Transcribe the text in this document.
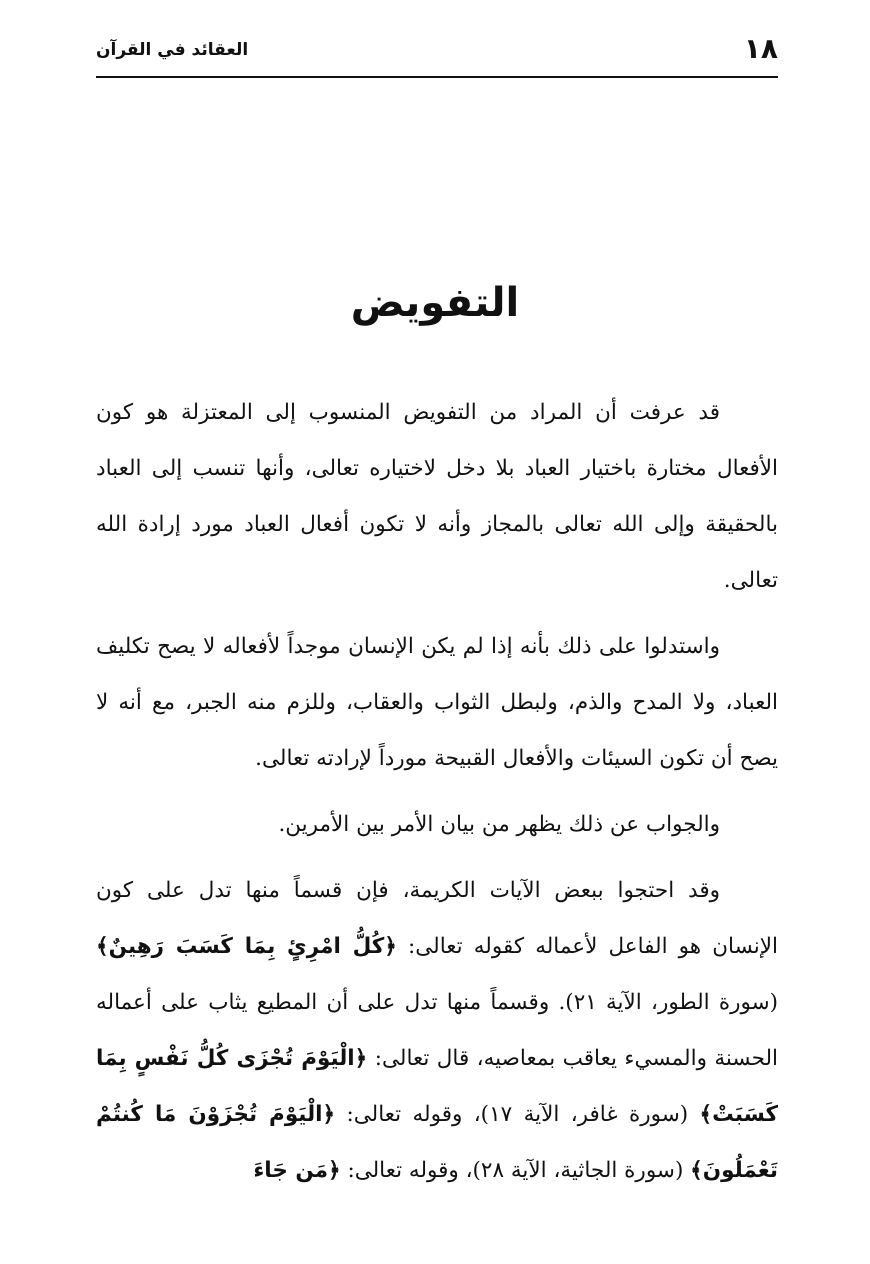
١٨
العقائد في القرآن
التفويض

قد عرفت أن المراد من التفويض المنسوب إلى المعتزلة هو كون الأفعال مختارة باختيار العباد بلا دخل لاختياره تعالى، وأنها تنسب إلى العباد بالحقيقة وإلى الله تعالى بالمجاز وأنه لا تكون أفعال العباد مورد إرادة الله تعالى.

واستدلوا على ذلك بأنه إذا لم يكن الإنسان موجداً لأفعاله لا يصح تكليف العباد، ولا المدح والذم، ولبطل الثواب والعقاب، وللزم منه الجبر، مع أنه لا يصح أن تكون السيئات والأفعال القبيحة مورداً لإرادته تعالى.

والجواب عن ذلك يظهر من بيان الأمر بين الأمرين.

وقد احتجوا ببعض الآيات الكريمة، فإن قسماً منها تدل على كون الإنسان هو الفاعل لأعماله كقوله تعالى: ﴿كُلُّ امْرِئٍ بِمَا كَسَبَ رَهِينٌ﴾ (سورة الطور، الآية ٢١). وقسماً منها تدل على أن المطيع يثاب على أعماله الحسنة والمسيء يعاقب بمعاصيه، قال تعالى: ﴿الْيَوْمَ تُجْزَى كُلُّ نَفْسٍ بِمَا كَسَبَتْ﴾ (سورة غافر، الآية ١٧)، وقوله تعالى: ﴿الْيَوْمَ تُجْزَوْنَ مَا كُنتُمْ تَعْمَلُونَ﴾ (سورة الجاثية، الآية ٢٨)، وقوله تعالى: ﴿مَن جَاءَ
